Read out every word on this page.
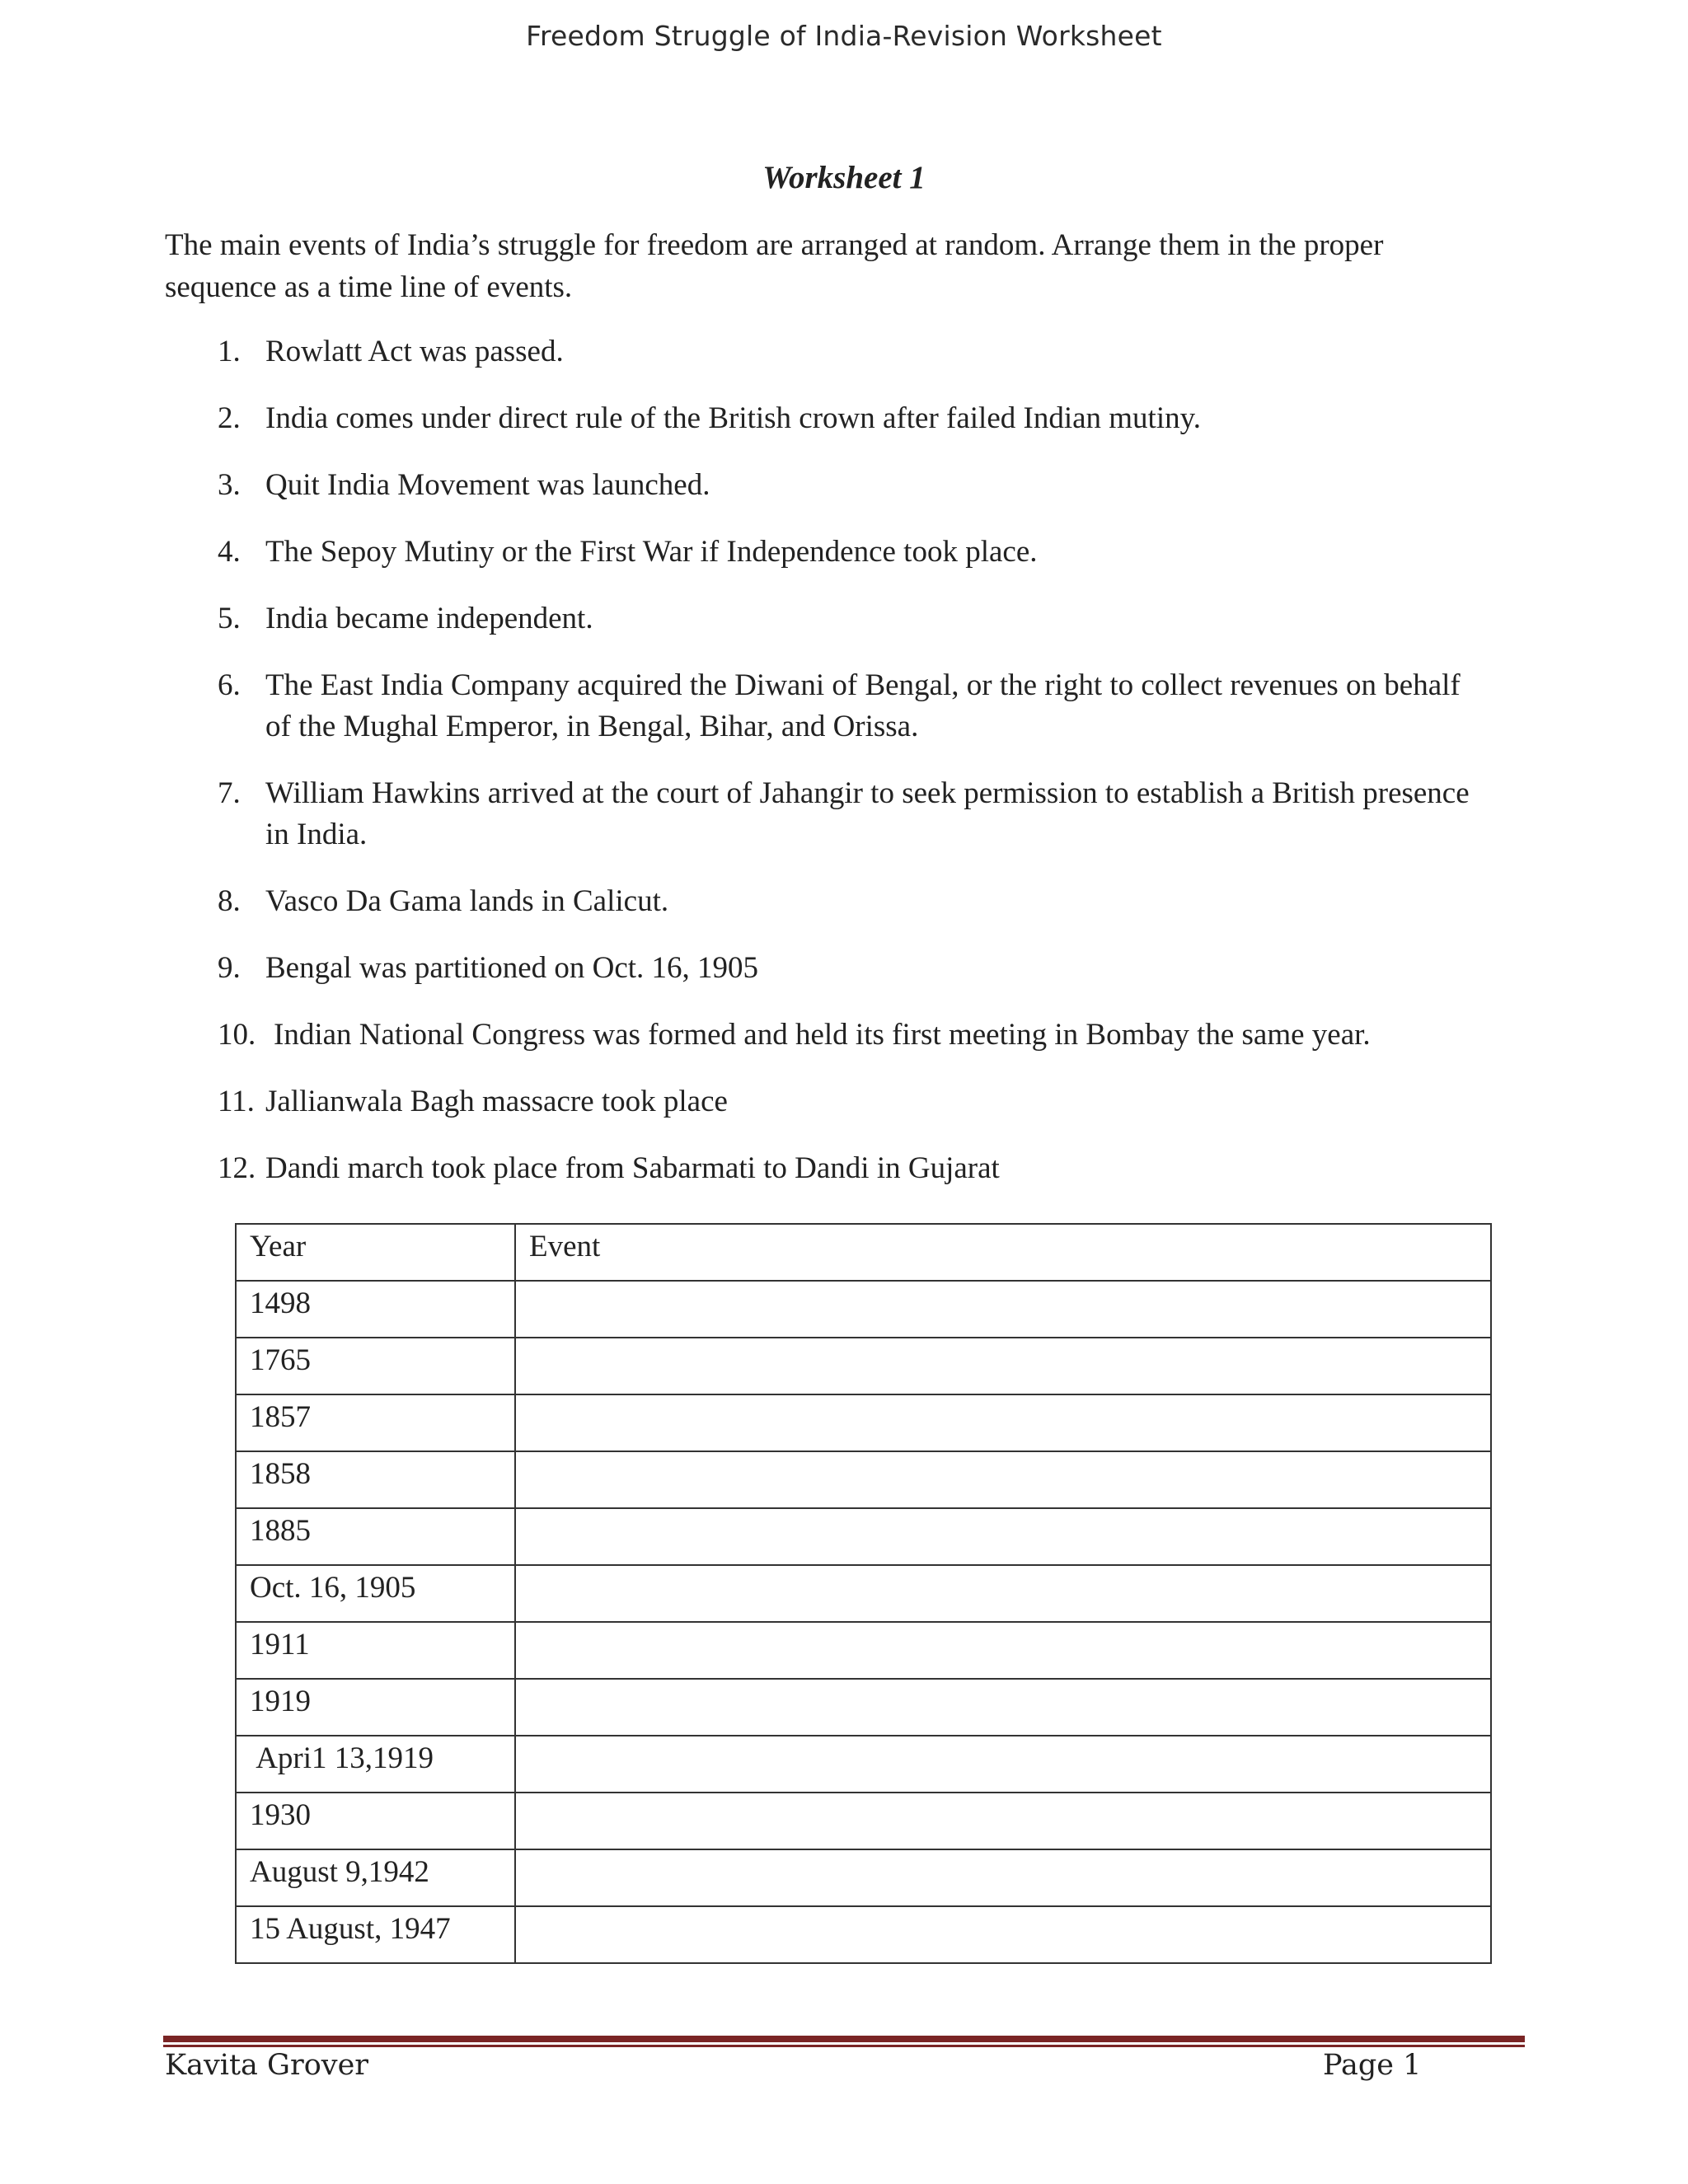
Freedom Struggle of India-Revision Worksheet
Worksheet 1
The main events of India’s struggle for freedom are arranged at random. Arrange them in the proper sequence as a time line of events.
1. Rowlatt Act was passed.
2. India comes under direct rule of the British crown after failed Indian mutiny.
3. Quit India Movement was launched.
4. The Sepoy Mutiny or the First War if Independence took place.
5. India became independent.
6. The East India Company acquired the Diwani of Bengal, or the right to collect revenues on behalf of the Mughal Emperor, in Bengal, Bihar, and Orissa.
7. William Hawkins arrived at the court of Jahangir to seek permission to establish a British presence in India.
8. Vasco Da Gama lands in Calicut.
9. Bengal was partitioned on Oct. 16, 1905
10. Indian National Congress was formed and held its first meeting in Bombay the same year.
11. Jallianwala Bagh massacre took place
12. Dandi march took place from Sabarmati to Dandi in Gujarat
Year	Event
1498	
1765	
1857	
1858	
1885	
Oct. 16, 1905	
1911	
1919	
Apri1 13,1919	
1930	
August 9,1942	
15 August, 1947	
Kavita Grover	Page 1
